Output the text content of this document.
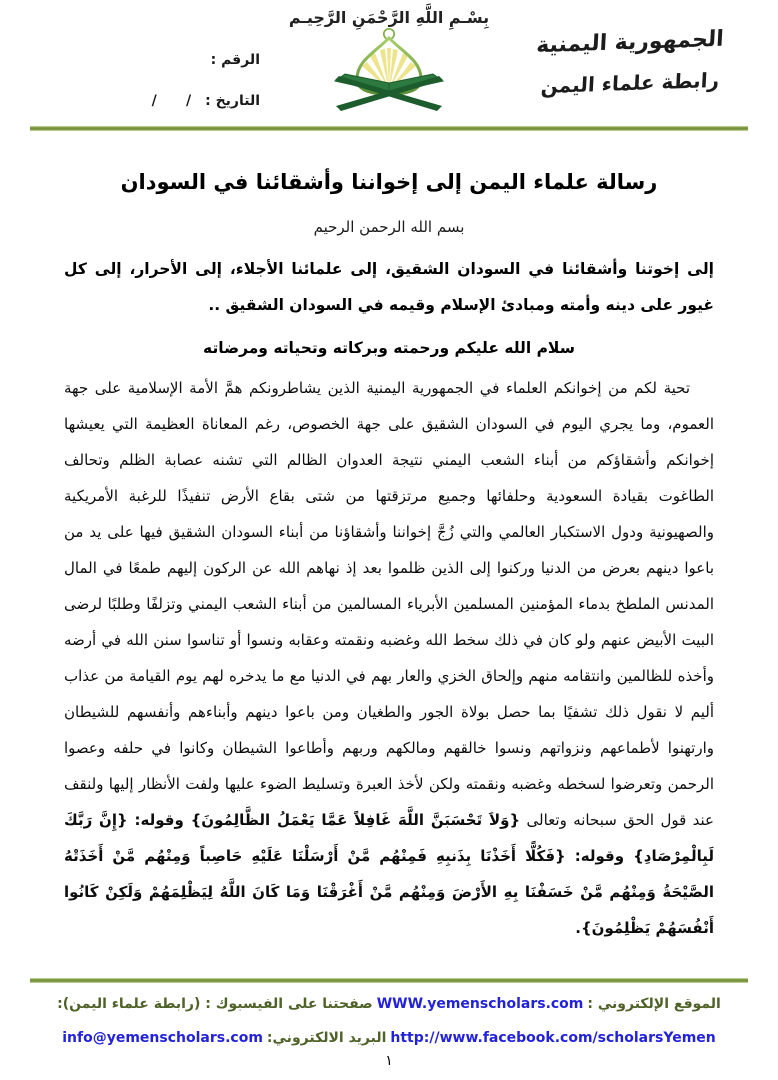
بِسْـمِ اللَّهِ الرَّحْمَنِ الرَّحِيـم
الجمهورية اليمنية
رابطة علماء اليمن
الرقم :
التاريخ :/      /
رسالة علماء اليمن إلى إخواننا وأشقائنا في السودان
بسم الله الرحمن الرحيم

إلى إخوتنا وأشقائنا في السودان الشقيق، إلى علمائنا الأجلاء، إلى الأحرار، إلى كل غيور على دينه وأمته ومبادئ الإسلام وقيمه في السودان الشقيق ..

سلام الله عليكم ورحمته وبركاته وتحياته ومرضاته

تحية لكم من إخوانكم العلماء في الجمهورية اليمنية الذين يشاطرونكم همَّ الأمة الإسلامية على جهة العموم، وما يجري اليوم في السودان الشقيق على جهة الخصوص، رغم المعاناة العظيمة التي يعيشها إخوانكم وأشقاؤكم من أبناء الشعب اليمني نتيجة العدوان الظالم التي تشنه عصابة الظلم وتحالف الطاغوت بقيادة السعودية وحلفائها وجميع مرتزقتها من شتى بقاع الأرض تنفيذًا للرغبة الأمريكية والصهيونية ودول الاستكبار العالمي والتي زُجَّ إخواننا وأشقاؤنا من أبناء السودان الشقيق فيها على يد من باعوا دينهم بعرض من الدنيا وركنوا إلى الذين ظلموا بعد إذ نهاهم الله عن الركون إليهم طمعًا في المال المدنس الملطخ بدماء المؤمنين المسلمين الأبرياء المسالمين من أبناء الشعب اليمني وتزلفًا وطلبًا لرضى البيت الأبيض عنهم ولو كان في ذلك سخط الله وغضبه ونقمته وعقابه ونسوا أو تناسوا سنن الله في أرضه وأخذه للظالمين وانتقامه منهم وإلحاق الخزي والعار بهم في الدنيا مع ما يدخره لهم يوم القيامة من عذاب أليم لا نقول ذلك تشفيًا بما حصل بولاة الجور والطغيان ومن باعوا دينهم وأبناءهم وأنفسهم للشيطان وارتهنوا لأطماعهم ونزواتهم ونسوا خالقهم ومالكهم وربهم وأطاعوا الشيطان وكانوا في حلفه وعصوا الرحمن وتعرضوا لسخطه وغضبه ونقمته ولكن لأخذ العبرة وتسليط الضوء عليها ولفت الأنظار إليها ولنقف عند قول الحق سبحانه وتعالى {وَلاَ تَحْسَبَنَّ اللَّهَ غَافِلاً عَمَّا يَعْمَلُ الظَّالِمُونَ} وقوله: {إِنَّ رَبَّكَ لَبِالْمِرْصَادِ} وقوله: {فَكُلًّا أَخَذْنَا بِذَنبِهِ فَمِنْهُم مَّنْ أَرْسَلْنَا عَلَيْهِ حَاصِباً وَمِنْهُم مَّنْ أَخَذَتْهُ الصَّيْحَةُ وَمِنْهُم مَّنْ خَسَفْنَا بِهِ الأَرْضَ وَمِنْهُم مَّنْ أَغْرَقْنَا وَمَا كَانَ اللَّهُ لِيَظْلِمَهُمْ وَلَكِنْ كَانُوا أَنْفُسَهُمْ يَظْلِمُونَ}.

الموقع الإلكتروني :WWW.yemenscholars.comصفحتنا على الفيسبوك : (رابطة علماء اليمن):
http://www.facebook.com/scholarsYemenالبريد الالكتروني:info@yemenscholars.com
١
